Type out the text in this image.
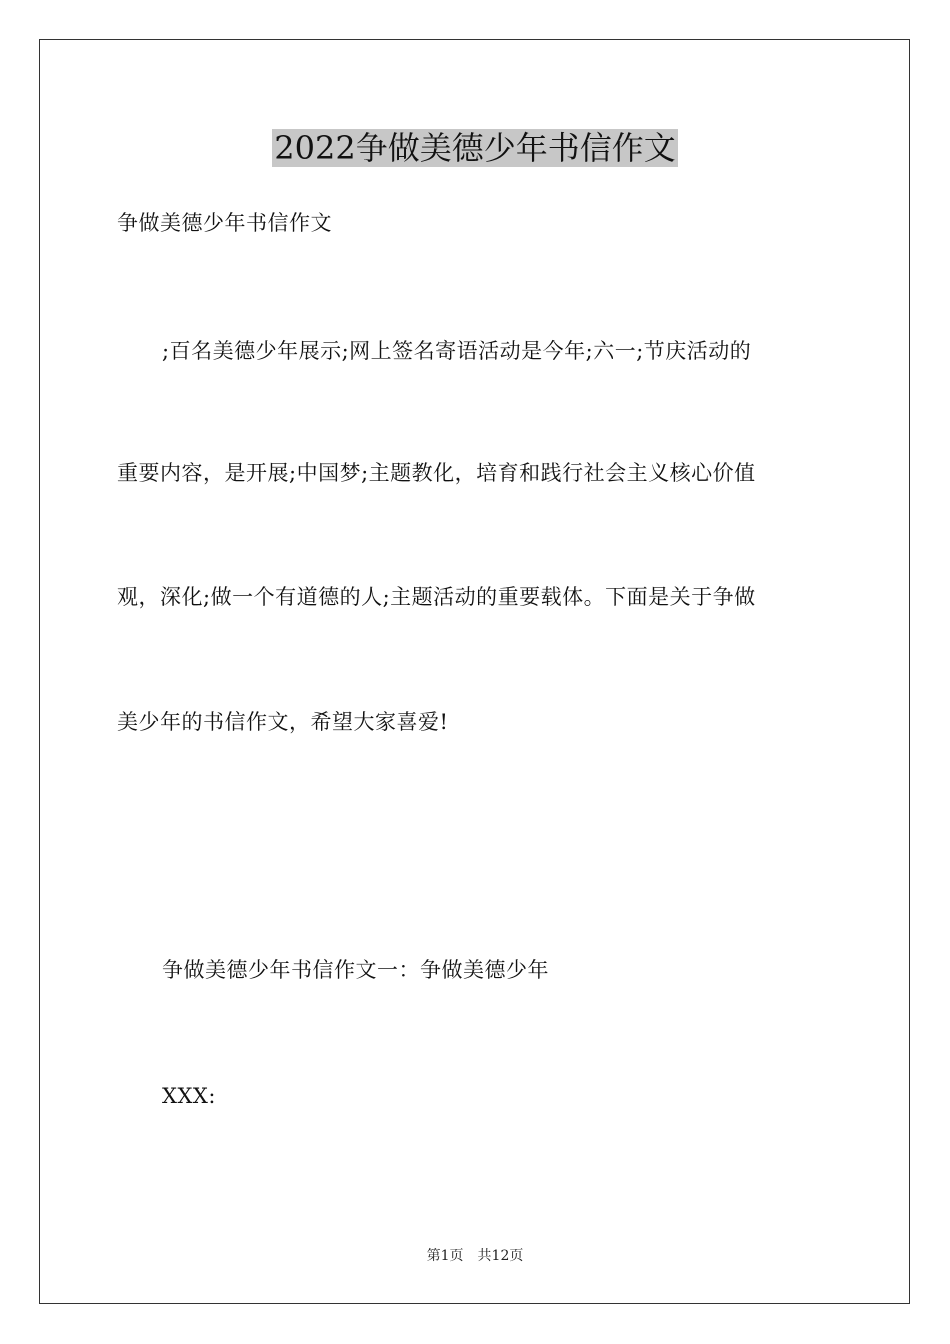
2022争做美德少年书信作文
争做美德少年书信作文
;百名美德少年展示;网上签名寄语活动是今年;六一;节庆活动的
重要内容，是开展;中国梦;主题教化，培育和践行社会主义核心价值
观，深化;做一个有道德的人;主题活动的重要载体。下面是关于争做
美少年的书信作文，希望大家喜爱!
争做美德少年书信作文一：争做美德少年
XXX:
第1页 共12页
